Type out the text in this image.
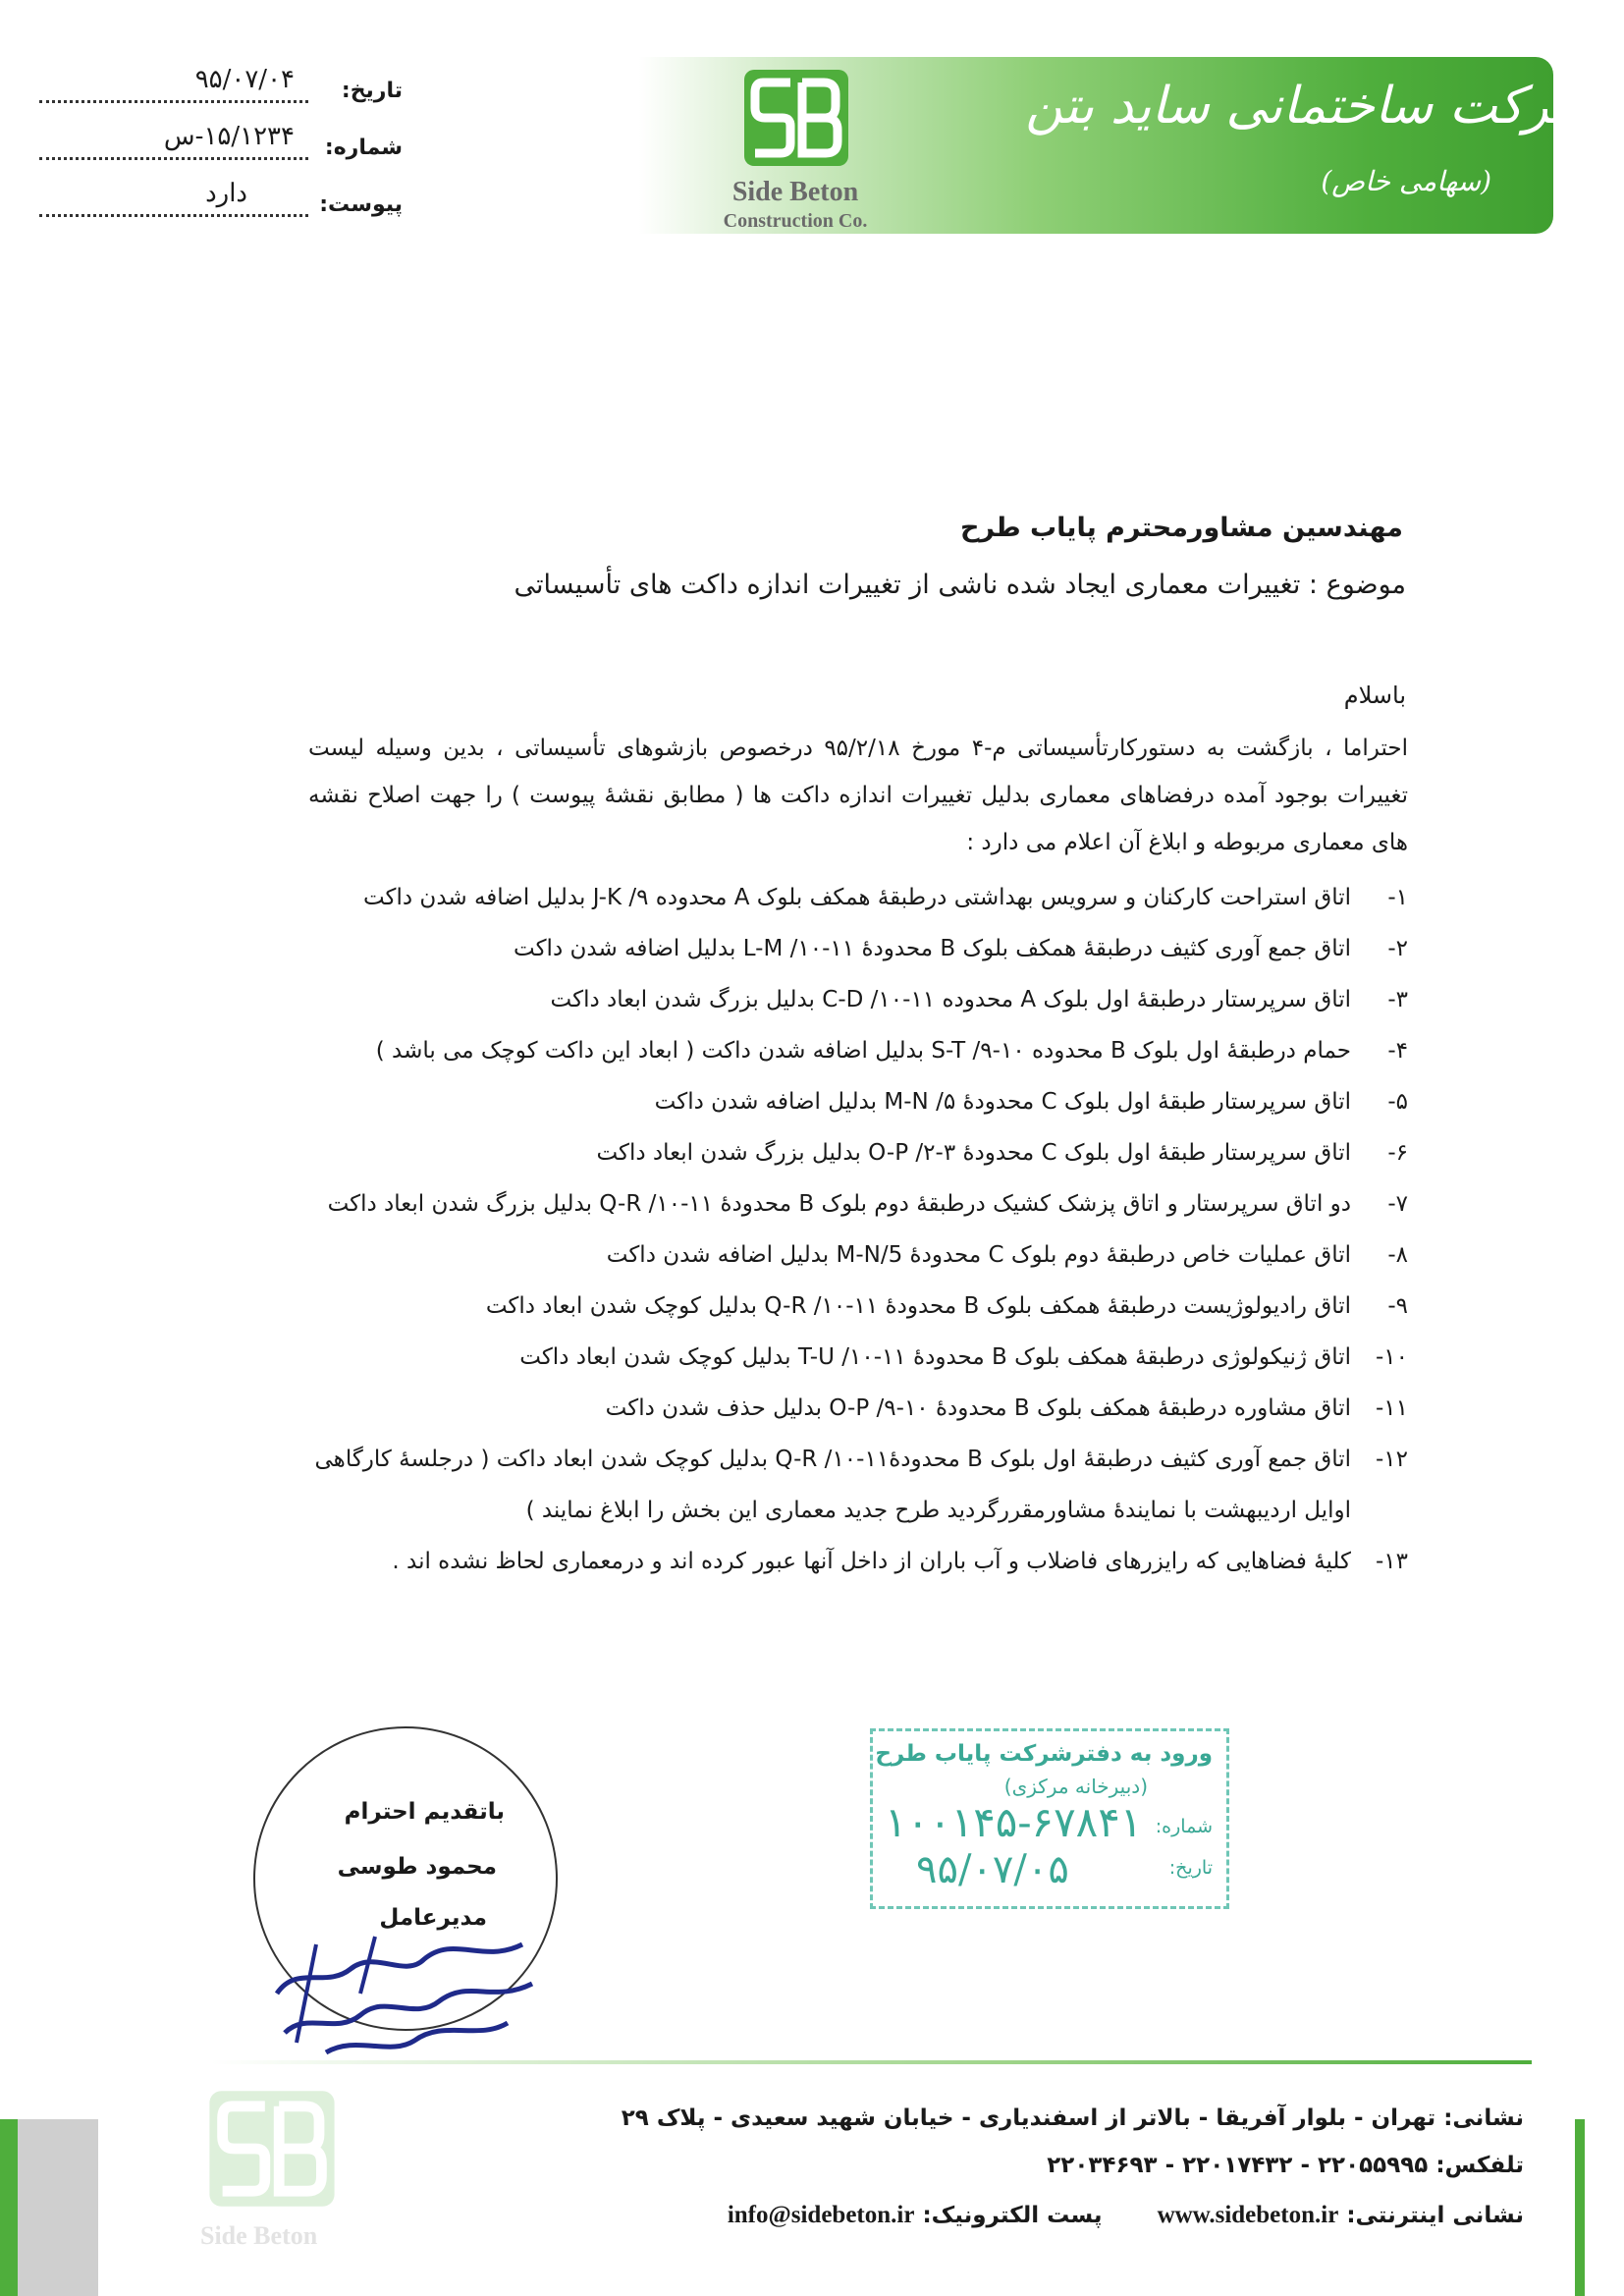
شرکت ساختمانی ساید بتن
(سهامی خاص)
Side Beton
Construction Co.
تاریخ:
۹۵/۰۷/۰۴
شماره:
۱۵/۱۲۳۴-س
پیوست:
دارد
مهندسین مشاورمحترم پایاب طرح
موضوع : تغییرات معماری ایجاد شده ناشی از تغییرات اندازه داکت های تأسیساتی
باسلام
احتراما ، بازگشت به دستورکارتأسیساتی م-۴ مورخ ۹۵/۲/۱۸ درخصوص بازشوهای تأسیساتی ، بدین وسیله لیست تغییرات بوجود آمده درفضاهای معماری بدلیل تغییرات اندازه داکت ها ( مطابق نقشهٔ پیوست ) را جهت اصلاح نقشه های معماری مربوطه و ابلاغ آن اعلام می دارد :
۱-
اتاق استراحت کارکنان و سرویس بهداشتی درطبقهٔ همکف بلوک A محدوده ۹/ J-K بدلیل اضافه شدن داکت
۲-
اتاق جمع آوری کثیف درطبقهٔ همکف بلوک B محدودهٔ ۱۱-۱۰/ L-M بدلیل اضافه شدن داکت
۳-
اتاق سرپرستار درطبقهٔ اول بلوک A محدوده ۱۱-۱۰/ C-D بدلیل بزرگ شدن ابعاد داکت
۴-
حمام درطبقهٔ اول بلوک B محدوده ۱۰-۹/ S-T بدلیل اضافه شدن داکت ( ابعاد این داکت کوچک می باشد )
۵-
اتاق سرپرستار طبقهٔ اول بلوک C محدودهٔ ۵/ M-N بدلیل اضافه شدن داکت
۶-
اتاق سرپرستار طبقهٔ اول بلوک C محدودهٔ ۳-۲/ O-P بدلیل بزرگ شدن ابعاد داکت
۷-
دو اتاق سرپرستار و اتاق پزشک کشیک درطبقهٔ دوم بلوک B محدودهٔ ۱۱-۱۰/ Q-R بدلیل بزرگ شدن ابعاد داکت
۸-
اتاق عملیات خاص درطبقهٔ دوم بلوک C محدودهٔ M-N/5 بدلیل اضافه شدن داکت
۹-
اتاق رادیولوژیست درطبقهٔ همکف بلوک B محدودهٔ ۱۱-۱۰/ Q-R بدلیل کوچک شدن ابعاد داکت
۱۰-
اتاق ژنیکولوژی درطبقهٔ همکف بلوک B محدودهٔ ۱۱-۱۰/ T-U بدلیل کوچک شدن ابعاد داکت
۱۱-
اتاق مشاوره درطبقهٔ همکف بلوک B محدودهٔ ۱۰-۹/ O-P بدلیل حذف شدن داکت
۱۲-
اتاق جمع آوری کثیف درطبقهٔ اول بلوک B محدودهٔ۱۱-۱۰/ Q-R بدلیل کوچک شدن ابعاد داکت ( درجلسهٔ کارگاهی اوایل اردیبهشت با نمایندهٔ مشاورمقررگردید طرح جدید معماری این بخش را ابلاغ نمایند )
۱۳-
کلیهٔ فضاهایی که رایزرهای فاضلاب و آب باران از داخل آنها عبور کرده اند و درمعماری لحاظ نشده اند .
باتقدیم احترام
محمود طوسی
مدیرعامل
ورود به دفترشرکت پایاب طرح
(دبیرخانه مرکزی)
شماره:
تاریخ:
۱۰۰۱۴۵-۶۷۸۴۱
۹۵/۰۷/۰۵
Side Beton
نشانی: تهران - بلوار آفریقا - بالاتر از اسفندیاری - خیابان شهید سعیدی - پلاک ۲۹
تلفکس: ۲۲۰۵۵۹۹۵ - ۲۲۰۱۷۴۳۲ - ۲۲۰۳۴۶۹۳
نشانی اینترنتی: www.sidebeton.ir  پست الکترونیک: info@sidebeton.ir
